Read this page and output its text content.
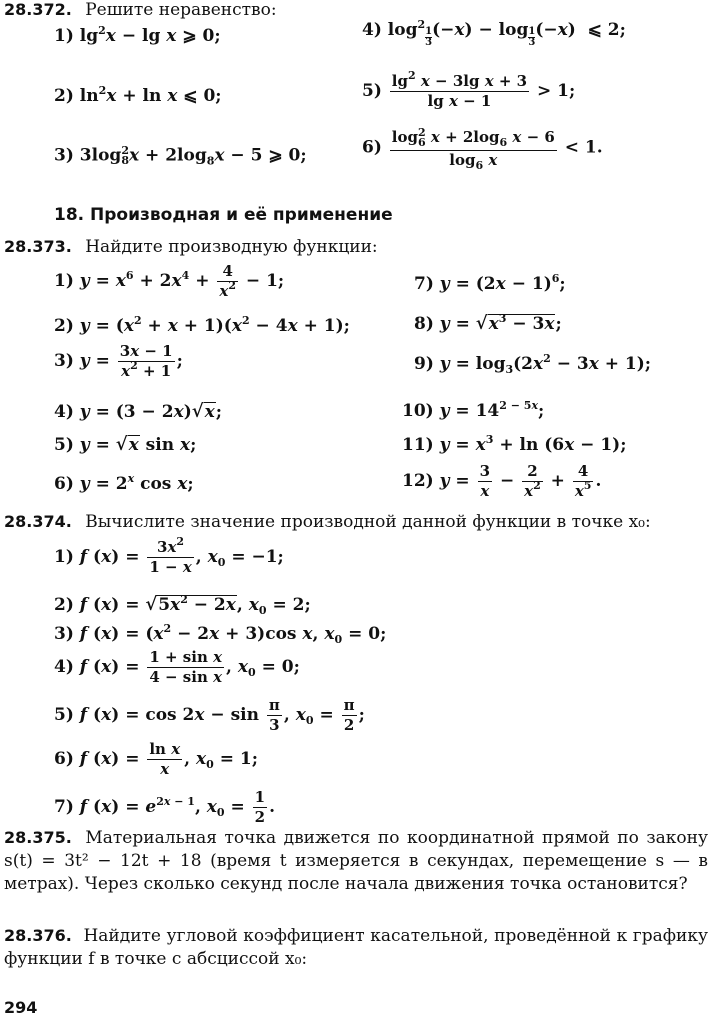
28.372. Решите неравенство:
1) $\lg^2x - \lg x$ ⩾ 0;	4) $\log^2$
$_{\frac{1}{3}}$ (−x) − log $_{\frac{1}{3}}$ (−x)  ⩽ 2;
2) $\ln^2x + \ln x$ ⩽ 0;	$5) \frac{\lg^2 x - 3\lg x + 3}{\text{lg x − 1}} > 1$;
3) 3log 2
8 $x + 2\log_8x - 5$ ⩾ 0;	6) log 2
6 $x + 2\log_6$ x − 6
$\log_6 x < 1$.
18. Производная и её применение
28.373. Найдите производную функции:
1) $y = x^6 + 2x^4 + \frac{4}{x^2} - 1$;	7) $y = (2x - 1)^6$;
2) $y = (x^2 + x + 1)(x^2 - 4x + 1)$;	8) $y = √x^3 - 3x$;
3) $y = \frac{3x - 1}{x^2 + 1}$ ;	9) $y = \log_3(2x^2 - 3x + 1)$;
4) y = (3 − 2x)√x;	10) $y = 14^{2 - 5x}$;
5) y = √x sin x;	11) $y = x^3 + \ln (6x - 1)$;
6) $y = 2^x$ cos x;	12) $y = \frac{3}{x} - \frac{2}{x^2} + \frac{4}{x^5}$ .
28.374. Вычислите значение производной данной функции в точке x₀:
1) f $(x) = \frac{3x^2}{1 - x}$ , $x_0 = -1$;
2) f $(x) = √5x^2 - 2x$, $x_0 = 2$;
3) f $(x) = (x^2 - 2x + 3)\cos$ x, $x_0 = 0$;
4) f $(x) = \frac{\text{1 + sin x}}{\text{4 − sin x}}$ , $x_0 = 0$;
5) f $(x) = \cos 2x - \sin \frac{\pi}{3}$ , $x_0 = \frac{\pi}{2}$ ;
6) f $(x) = \frac{\text{ln x}}{x}$ , $x_0 = 1$;
7) f $(x) = e^{2x - 1}$, $x_0 = \frac{1}{2}$ .
28.375. Материальная точка движется по координатной прямой по закону s(t) = 3t² − 12t + 18 (время t измеряется в секундах, перемещение s — в метрах). Через сколько секунд после начала движения точка остановится?
28.376. Найдите угловой коэффициент касательной, проведённой к графику функции f в точке с абсциссой x₀:
294
